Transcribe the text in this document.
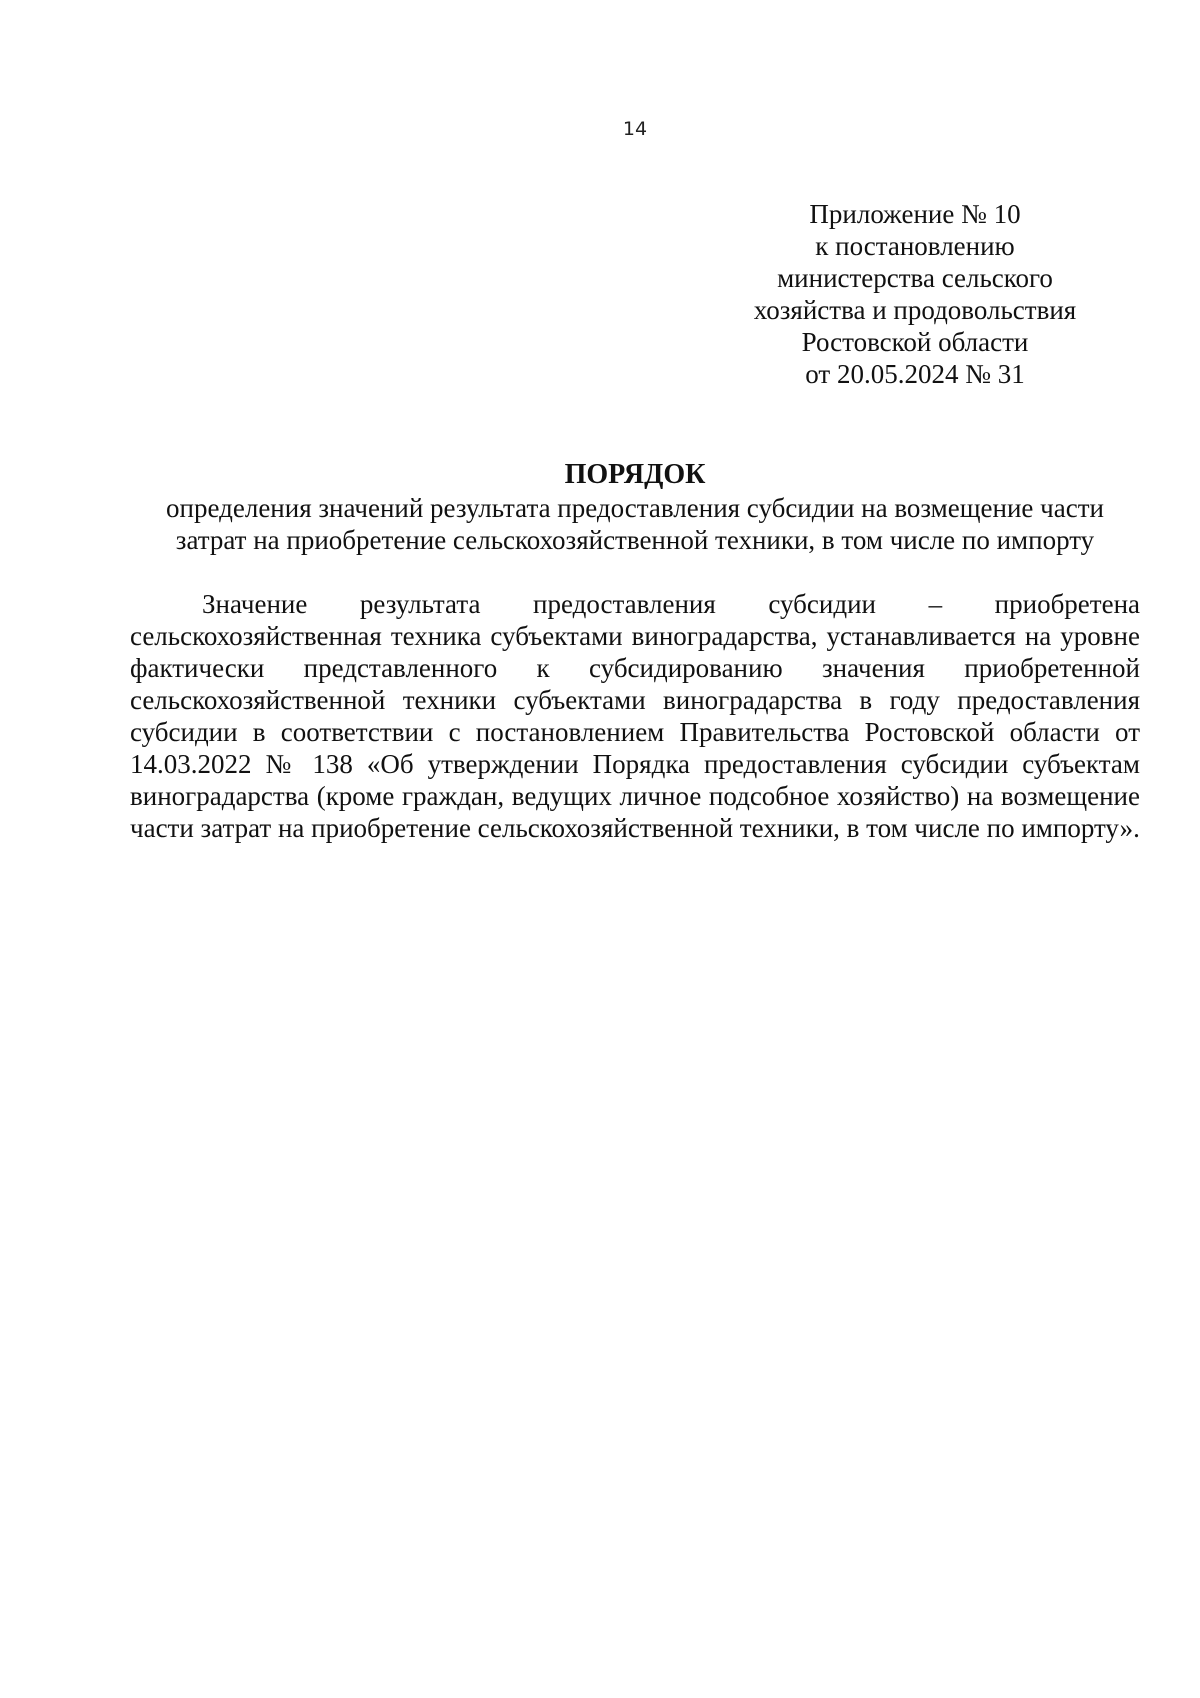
14
Приложение № 10
к постановлению
министерства сельского
хозяйства и продовольствия
Ростовской области
от 20.05.2024 № 31
ПОРЯДОК
определения значений результата предоставления субсидии на возмещение части
затрат на приобретение сельскохозяйственной техники, в том числе по импорту

Значение результата предоставления субсидии – приобретена сельскохозяйственная техника субъектами виноградарства, устанавливается на уровне фактически представленного к субсидированию значения приобретенной сельскохозяйственной техники субъектами виноградарства в году предоставления субсидии в соответствии с постановлением Правительства Ростовской области от 14.03.2022 № 138 «Об утверждении Порядка предоставления субсидии субъектам виноградарства (кроме граждан, ведущих личное подсобное хозяйство) на возмещение части затрат на приобретение сельскохозяйственной техники, в том числе по импорту».
